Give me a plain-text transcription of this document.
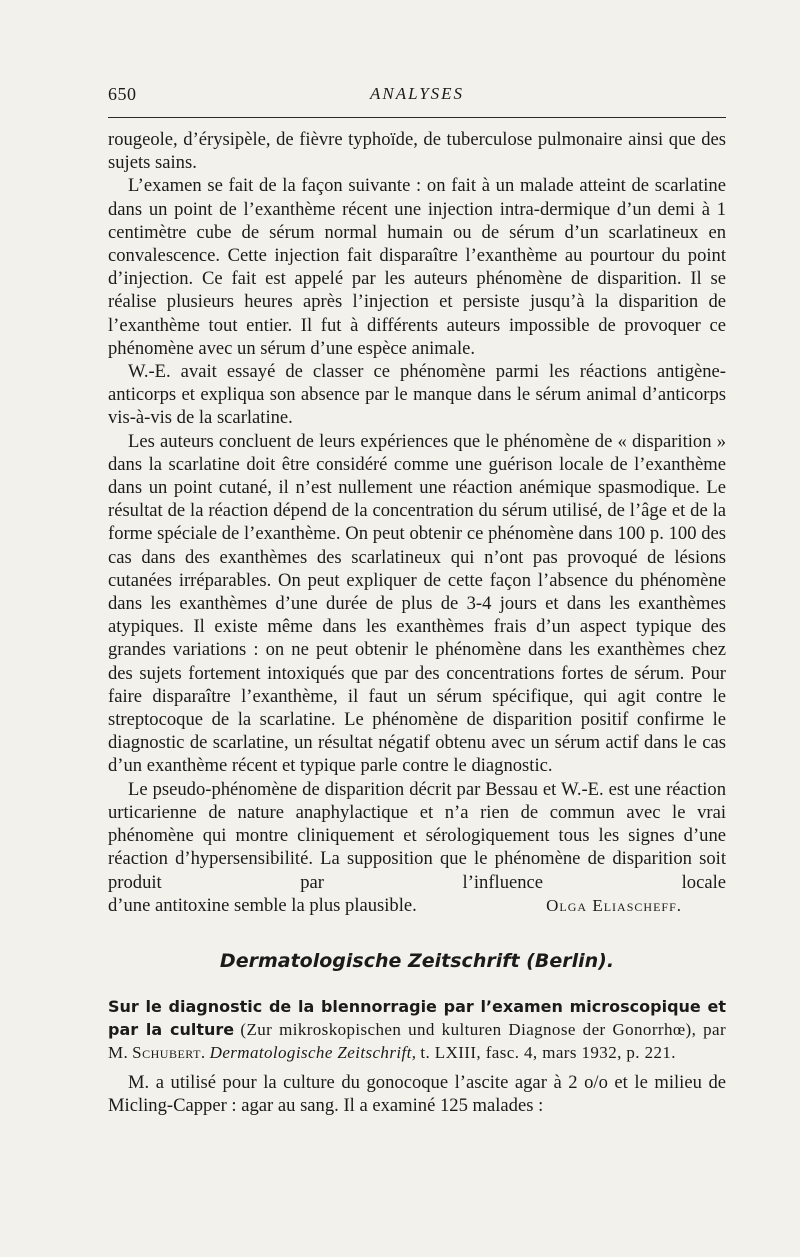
650	ANALYSES

rougeole, d’érysipèle, de fièvre typhoïde, de tuberculose pulmonaire ainsi que des sujets sains.

L’examen se fait de la façon suivante : on fait à un malade atteint de scarlatine dans un point de l’exanthème récent une injection intra-dermique d’un demi à 1 centimètre cube de sérum normal humain ou de sérum d’un scarlatineux en convalescence. Cette injection fait disparaître l’exanthème au pourtour du point d’injection. Ce fait est appelé par les auteurs phénomène de disparition. Il se réalise plusieurs heures après l’injection et persiste jusqu’à la disparition de l’exanthème tout entier. Il fut à différents auteurs impossible de provoquer ce phénomène avec un sérum d’une espèce animale.

W.-E. avait essayé de classer ce phénomène parmi les réactions antigène-anticorps et expliqua son absence par le manque dans le sérum animal d’anticorps vis-à-vis de la scarlatine.

Les auteurs concluent de leurs expériences que le phénomène de « disparition » dans la scarlatine doit être considéré comme une guérison locale de l’exanthème dans un point cutané, il n’est nullement une réaction anémique spasmodique. Le résultat de la réaction dépend de la concentration du sérum utilisé, de l’âge et de la forme spéciale de l’exanthème. On peut obtenir ce phénomène dans 100 p. 100 des cas dans des exanthèmes des scarlatineux qui n’ont pas provoqué de lésions cutanées irréparables. On peut expliquer de cette façon l’absence du phénomène dans les exanthèmes d’une durée de plus de 3-4 jours et dans les exanthèmes atypiques. Il existe même dans les exanthèmes frais d’un aspect typique des grandes variations : on ne peut obtenir le phénomène dans les exanthèmes chez des sujets fortement intoxiqués que par des concentrations fortes de sérum. Pour faire disparaître l’exanthème, il faut un sérum spécifique, qui agit contre le streptocoque de la scarlatine. Le phénomène de disparition positif confirme le diagnostic de scarlatine, un résultat négatif obtenu avec un sérum actif dans le cas d’un exanthème récent et typique parle contre le diagnostic.

Le pseudo-phénomène de disparition décrit par Bessau et W.-E. est une réaction urticarienne de nature anaphylactique et n’a rien de commun avec le vrai phénomène qui montre cliniquement et sérologiquement tous les signes d’une réaction d’hypersensibilité. La supposition que le phénomène de disparition soit produit par l’influence locale

d’une antitoxine semble la plus plausible.	Olga Eliascheff.
Dermatologische Zeitschrift (Berlin).

Sur le diagnostic de la blennorragie par l’examen microscopique et par la culture (Zur mikroskopischen und kulturen Diagnose der Gonorrhœ), par M. Schubert. Dermatologische Zeitschrift, t. LXIII, fasc. 4, mars 1932, p. 221.

M. a utilisé pour la culture du gonocoque l’ascite agar à 2 o/o et le milieu de Micling-Capper : agar au sang. Il a examiné 125 malades :
